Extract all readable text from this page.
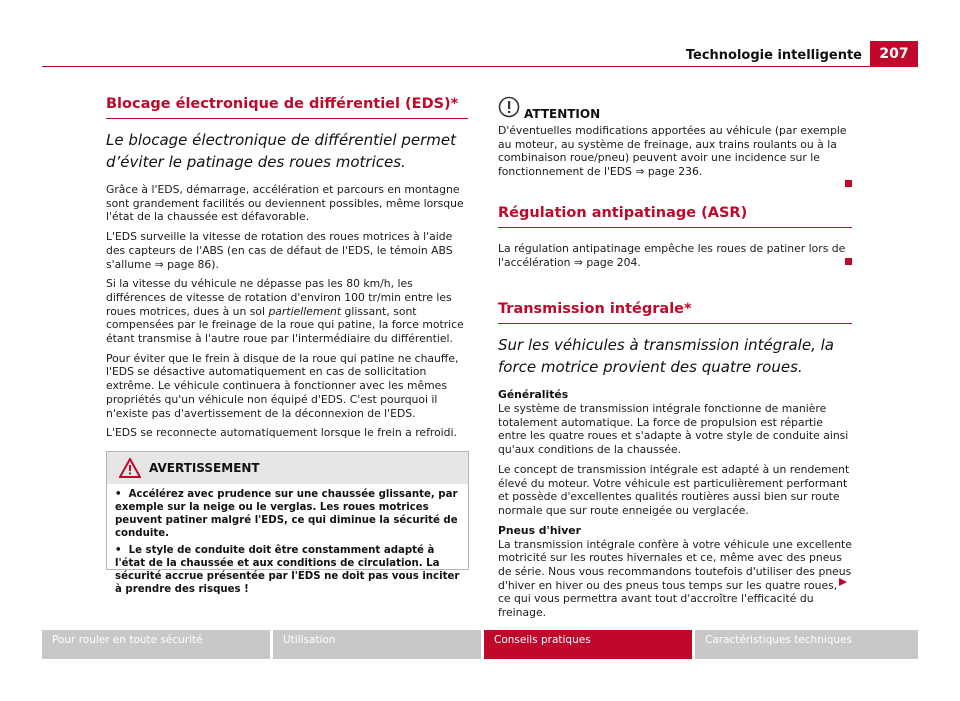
Technologie intelligente	207
Blocage électronique de différentiel (EDS)*

Le blocage électronique de différentiel permet d’éviter le patinage des roues motrices.

Grâce à l'EDS, démarrage, accélération et parcours en montagne sont grandement facilités ou deviennent possibles, même lorsque l'état de la chaussée est défavorable.

L'EDS surveille la vitesse de rotation des roues motrices à l'aide des capteurs de l'ABS (en cas de défaut de l'EDS, le témoin ABS s'allume ⇒ page 86).

Si la vitesse du véhicule ne dépasse pas les 80 km/h, les différences de vitesse de rotation d'environ 100 tr/min entre les roues motrices, dues à un sol partiellement glissant, sont compensées par le freinage de la roue qui patine, la force motrice étant transmise à l'autre roue par l'intermédiaire du différentiel.

Pour éviter que le frein à disque de la roue qui patine ne chauffe, l'EDS se désactive automatiquement en cas de sollicitation extrême. Le véhicule continuera à fonctionner avec les mêmes propriétés qu'un véhicule non équipé d'EDS. C'est pourquoi il n'existe pas d'avertissement de la déconnexion de l'EDS.

L'EDS se reconnecte automatiquement lorsque le frein a refroidi.

AVERTISSEMENT

•  Accélérez avec prudence sur une chaussée glissante, par exemple sur la neige ou le verglas. Les roues motrices peuvent patiner malgré l'EDS, ce qui diminue la sécurité de conduite.

•  Le style de conduite doit être constamment adapté à l'état de la chaussée et aux conditions de circulation. La sécurité accrue présentée par l'EDS ne doit pas vous inciter à prendre des risques !

ATTENTION

D'éventuelles modifications apportées au véhicule (par exemple au moteur, au système de freinage, aux trains roulants ou à la combinaison roue/pneu) peuvent avoir une incidence sur le fonctionnement de l'EDS ⇒ page 236.

Régulation antipatinage (ASR)

La régulation antipatinage empêche les roues de patiner lors de l'accélération ⇒ page 204.

Transmission intégrale*

Sur les véhicules à transmission intégrale, la force motrice provient des quatre roues.

Généralités

Le système de transmission intégrale fonctionne de manière totalement automatique. La force de propulsion est répartie entre les quatre roues et s'adapte à votre style de conduite ainsi qu'aux conditions de la chaussée.

Le concept de transmission intégrale est adapté à un rendement élevé du moteur. Votre véhicule est particulièrement performant et possède d'excellentes qualités routières aussi bien sur route normale que sur route enneigée ou verglacée.

Pneus d'hiver

La transmission intégrale confère à votre véhicule une excellente motricité sur les routes hivernales et ce, même avec des pneus de série. Nous vous recommandons toutefois d'utiliser des pneus d'hiver en hiver ou des pneus tous temps sur les quatre roues, ce qui vous permettra avant tout d'accroître l'efficacité du freinage.

Pour rouler en toute sécurité	Utilisation	Conseils pratiques	Caractéristiques techniques
